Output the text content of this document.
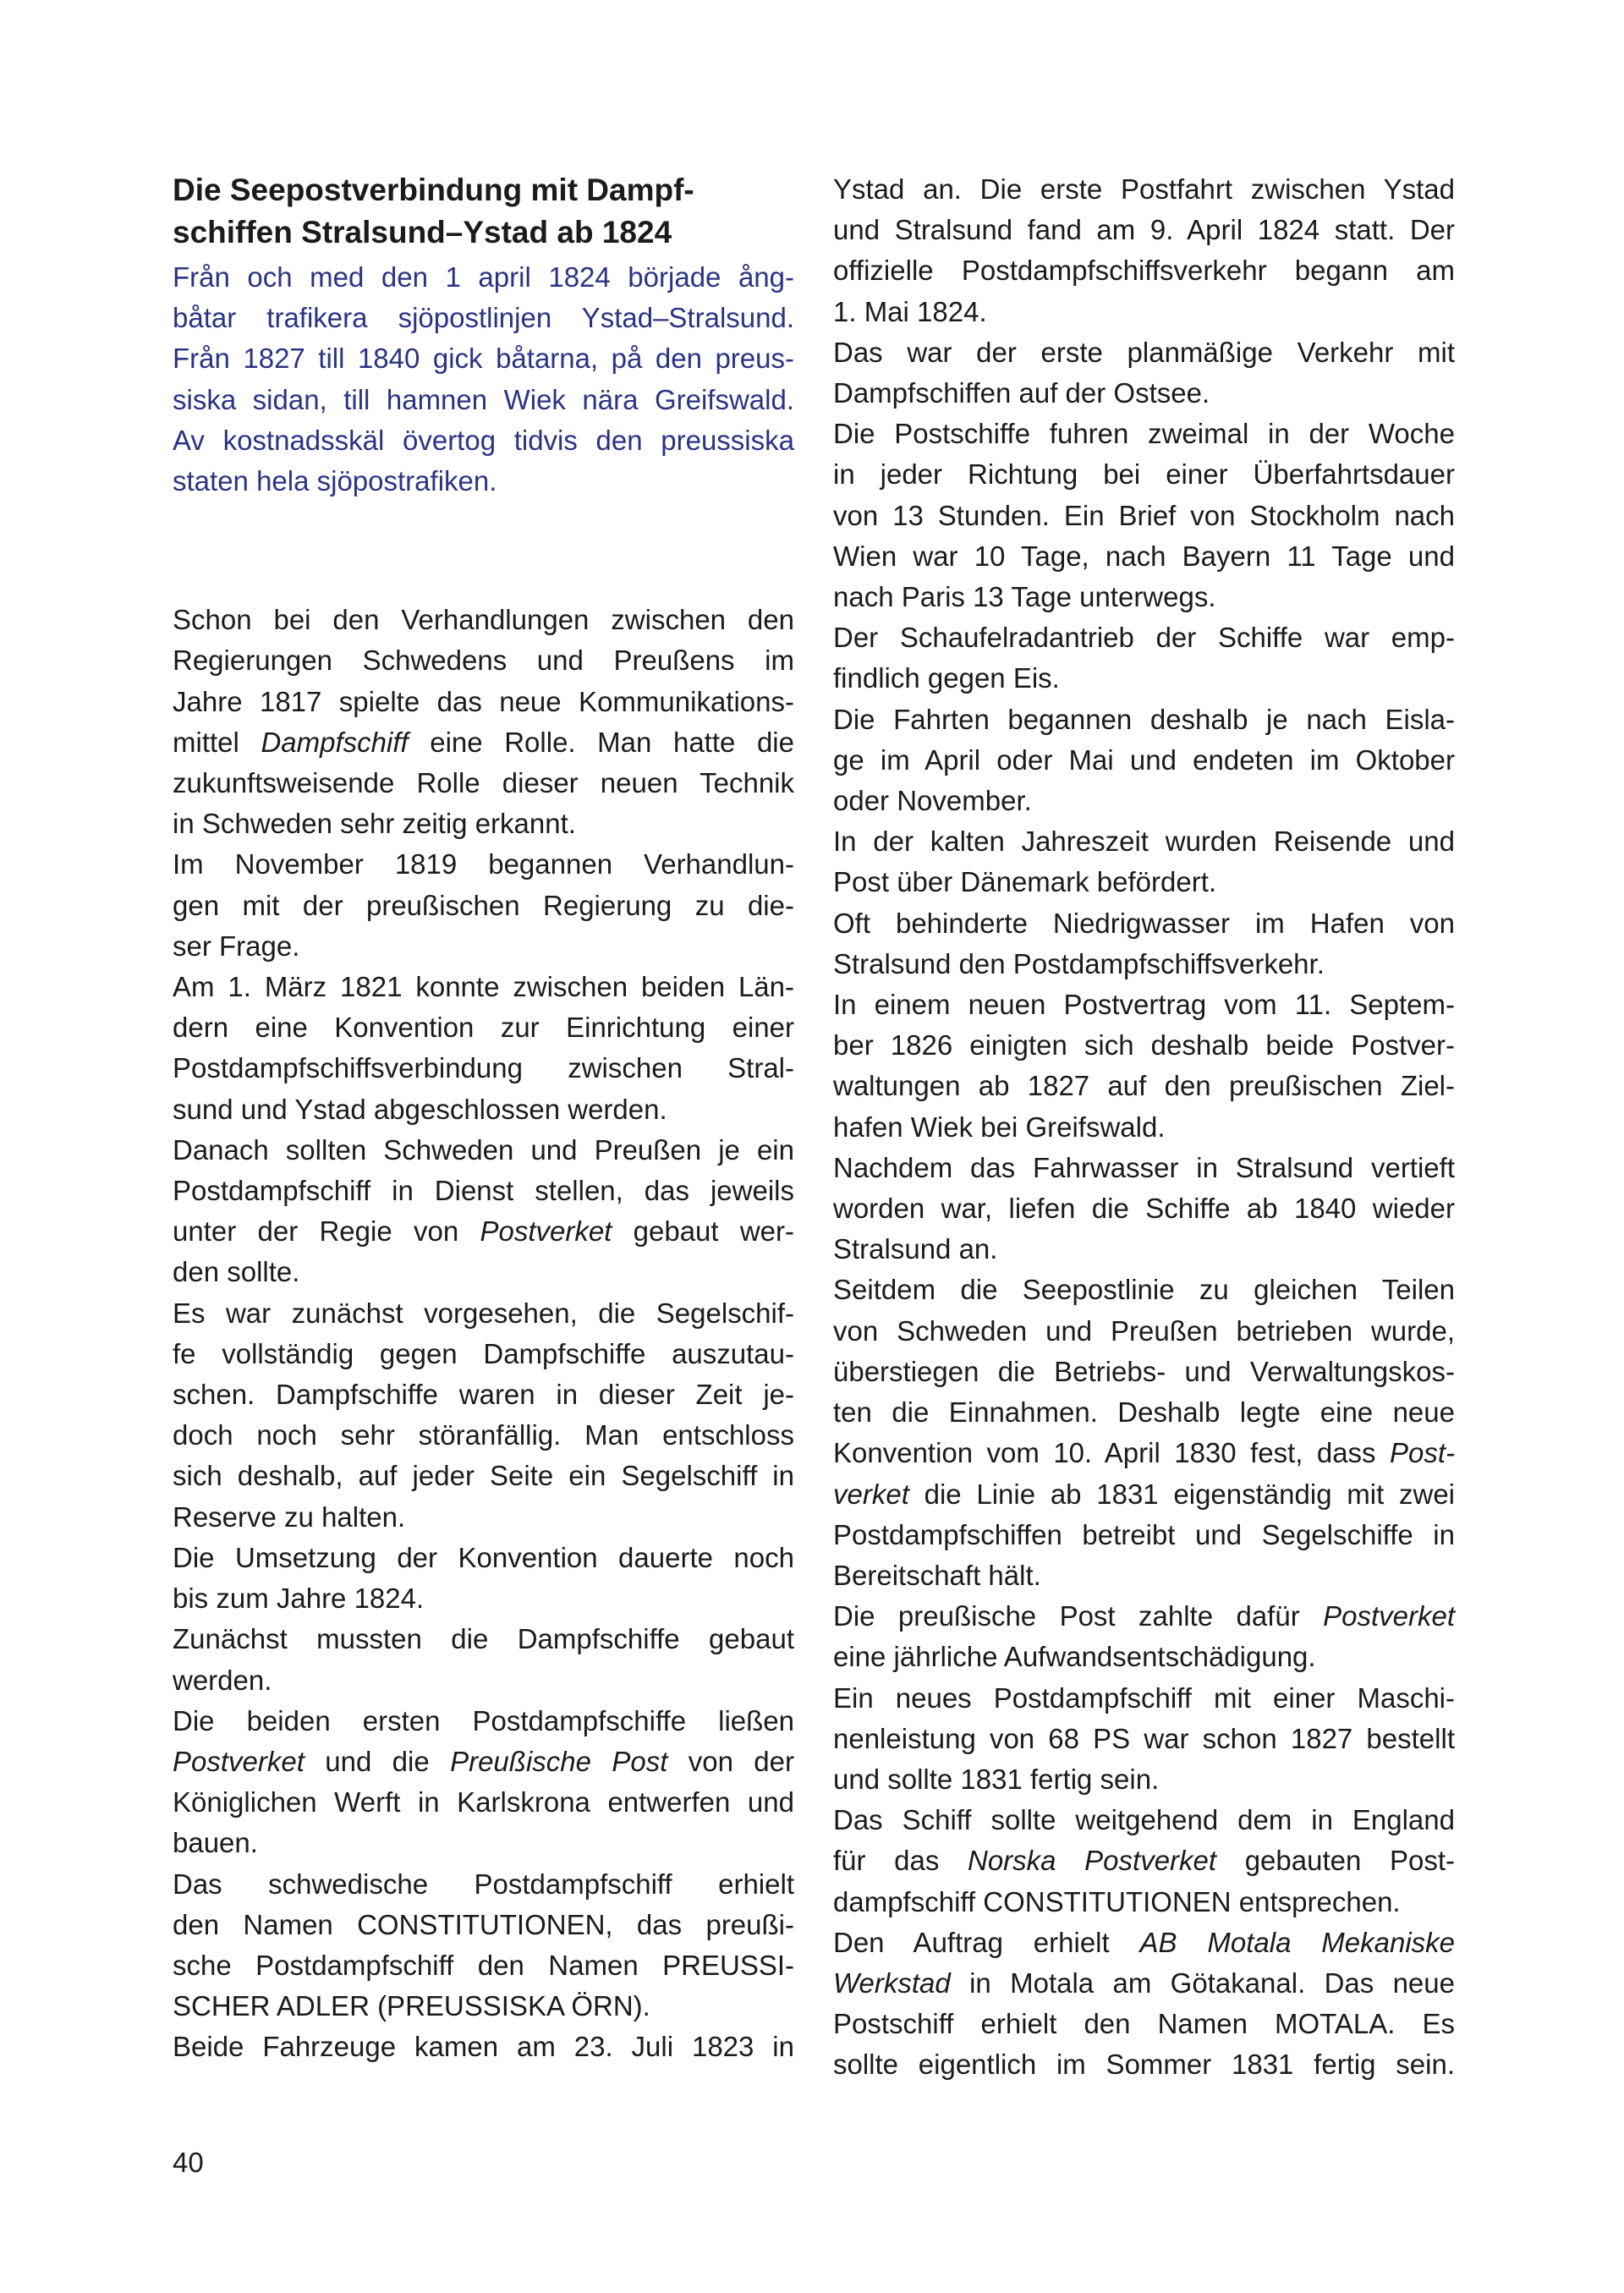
Die Seepostverbindung mit Dampf-
schiffen Stralsund–Ystad ab 1824
Från och med den 1 april 1824 började ång-
båtar trafikera sjöpostlinjen Ystad–Stralsund.
Från 1827 till 1840 gick båtarna, på den preus-
siska sidan, till hamnen Wiek nära Greifswald.
Av kostnadsskäl övertog tidvis den preussiska
staten hela sjöpostrafiken.

Schon bei den Verhandlungen zwischen den
Regierungen Schwedens und Preußens im
Jahre 1817 spielte das neue Kommunikations-
mittel Dampfschiff eine Rolle. Man hatte die
zukunftsweisende Rolle dieser neuen Technik
in Schweden sehr zeitig erkannt.

Im November 1819 begannen Verhandlun-
gen mit der preußischen Regierung zu die-
ser Frage.

Am 1. März 1821 konnte zwischen beiden Län-
dern eine Konvention zur Einrichtung einer
Postdampfschiffsverbindung zwischen Stral-
sund und Ystad abgeschlossen werden.

Danach sollten Schweden und Preußen je ein
Postdampfschiff in Dienst stellen, das jeweils
unter der Regie von Postverket gebaut wer-
den sollte.

Es war zunächst vorgesehen, die Segelschif-
fe vollständig gegen Dampfschiffe auszutau-
schen. Dampfschiffe waren in dieser Zeit je-
doch noch sehr störanfällig. Man entschloss
sich deshalb, auf jeder Seite ein Segelschiff in
Reserve zu halten.

Die Umsetzung der Konvention dauerte noch
bis zum Jahre 1824.

Zunächst mussten die Dampfschiffe gebaut
werden.

Die beiden ersten Postdampfschiffe ließen
Postverket und die Preußische Post von der
Königlichen Werft in Karlskrona entwerfen und
bauen.

Das schwedische Postdampfschiff erhielt
den Namen CONSTITUTIONEN, das preußi-
sche Postdampfschiff den Namen PREUSSI-
SCHER ADLER (PREUSSISKA ÖRN).

Beide Fahrzeuge kamen am 23. Juli 1823 in

Ystad an. Die erste Postfahrt zwischen Ystad
und Stralsund fand am 9. April 1824 statt. Der
offizielle Postdampfschiffsverkehr begann am
1. Mai 1824.

Das war der erste planmäßige Verkehr mit
Dampfschiffen auf der Ostsee.

Die Postschiffe fuhren zweimal in der Woche
in jeder Richtung bei einer Überfahrtsdauer
von 13 Stunden. Ein Brief von Stockholm nach
Wien war 10 Tage, nach Bayern 11 Tage und
nach Paris 13 Tage unterwegs.

Der Schaufelradantrieb der Schiffe war emp-
findlich gegen Eis.

Die Fahrten begannen deshalb je nach Eisla-
ge im April oder Mai und endeten im Oktober
oder November.

In der kalten Jahreszeit wurden Reisende und
Post über Dänemark befördert.

Oft behinderte Niedrigwasser im Hafen von
Stralsund den Postdampfschiffsverkehr.

In einem neuen Postvertrag vom 11. Septem-
ber 1826 einigten sich deshalb beide Postver-
waltungen ab 1827 auf den preußischen Ziel-
hafen Wiek bei Greifswald.

Nachdem das Fahrwasser in Stralsund vertieft
worden war, liefen die Schiffe ab 1840 wieder
Stralsund an.

Seitdem die Seepostlinie zu gleichen Teilen
von Schweden und Preußen betrieben wurde,
überstiegen die Betriebs- und Verwaltungskos-
ten die Einnahmen. Deshalb legte eine neue
Konvention vom 10. April 1830 fest, dass Post-
verket die Linie ab 1831 eigenständig mit zwei
Postdampfschiffen betreibt und Segelschiffe in
Bereitschaft hält.

Die preußische Post zahlte dafür Postverket
eine jährliche Aufwandsentschädigung.

Ein neues Postdampfschiff mit einer Maschi-
nenleistung von 68 PS war schon 1827 bestellt
und sollte 1831 fertig sein.

Das Schiff sollte weitgehend dem in England
für das Norska Postverket gebauten Post-
dampfschiff CONSTITUTIONEN entsprechen.

Den Auftrag erhielt AB Motala Mekaniske
Werkstad in Motala am Götakanal. Das neue
Postschiff erhielt den Namen MOTALA. Es
sollte eigentlich im Sommer 1831 fertig sein.

40
